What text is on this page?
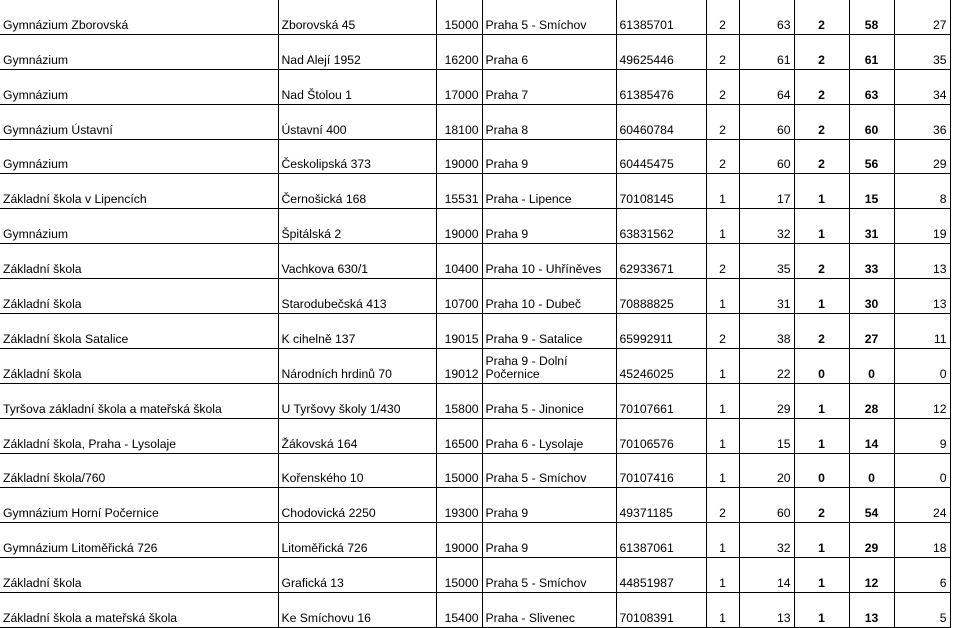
Gymnázium Zborovská	Zborovská 45	15000	Praha 5 - Smíchov	61385701	2	63	2	58	27
Gymnázium	Nad Alejí 1952	16200	Praha 6	49625446	2	61	2	61	35
Gymnázium	Nad Štolou 1	17000	Praha 7	61385476	2	64	2	63	34
Gymnázium Ústavní	Ústavní 400	18100	Praha 8	60460784	2	60	2	60	36
Gymnázium	Českolipská 373	19000	Praha 9	60445475	2	60	2	56	29
Základní škola v Lipencích	Černošická 168	15531	Praha - Lipence	70108145	1	17	1	15	8
Gymnázium	Špitálská 2	19000	Praha 9	63831562	1	32	1	31	19
Základní škola	Vachkova 630/1	10400	Praha 10 - Uhříněves	62933671	2	35	2	33	13
Základní škola	Starodubečská 413	10700	Praha 10 - Dubeč	70888825	1	31	1	30	13
Základní škola Satalice	K cihelně 137	19015	Praha 9 - Satalice	65992911	2	38	2	27	11
Základní škola	Národních hrdinů 70	19012	Praha 9 - Dolní Počernice	45246025	1	22	0	0	0
Tyršova základní škola a mateřská škola	U Tyršovy školy 1/430	15800	Praha 5 - Jinonice	70107661	1	29	1	28	12
Základní škola, Praha - Lysolaje	Žákovská 164	16500	Praha 6 - Lysolaje	70106576	1	15	1	14	9
Základní škola/760	Kořenského 10	15000	Praha 5 - Smíchov	70107416	1	20	0	0	0
Gymnázium Horní Počernice	Chodovická 2250	19300	Praha 9	49371185	2	60	2	54	24
Gymnázium Litoměřická 726	Litoměřická 726	19000	Praha 9	61387061	1	32	1	29	18
Základní škola	Grafická 13	15000	Praha 5 - Smíchov	44851987	1	14	1	12	6
Základní škola a mateřská škola	Ke Smíchovu 16	15400	Praha - Slivenec	70108391	1	13	1	13	5
